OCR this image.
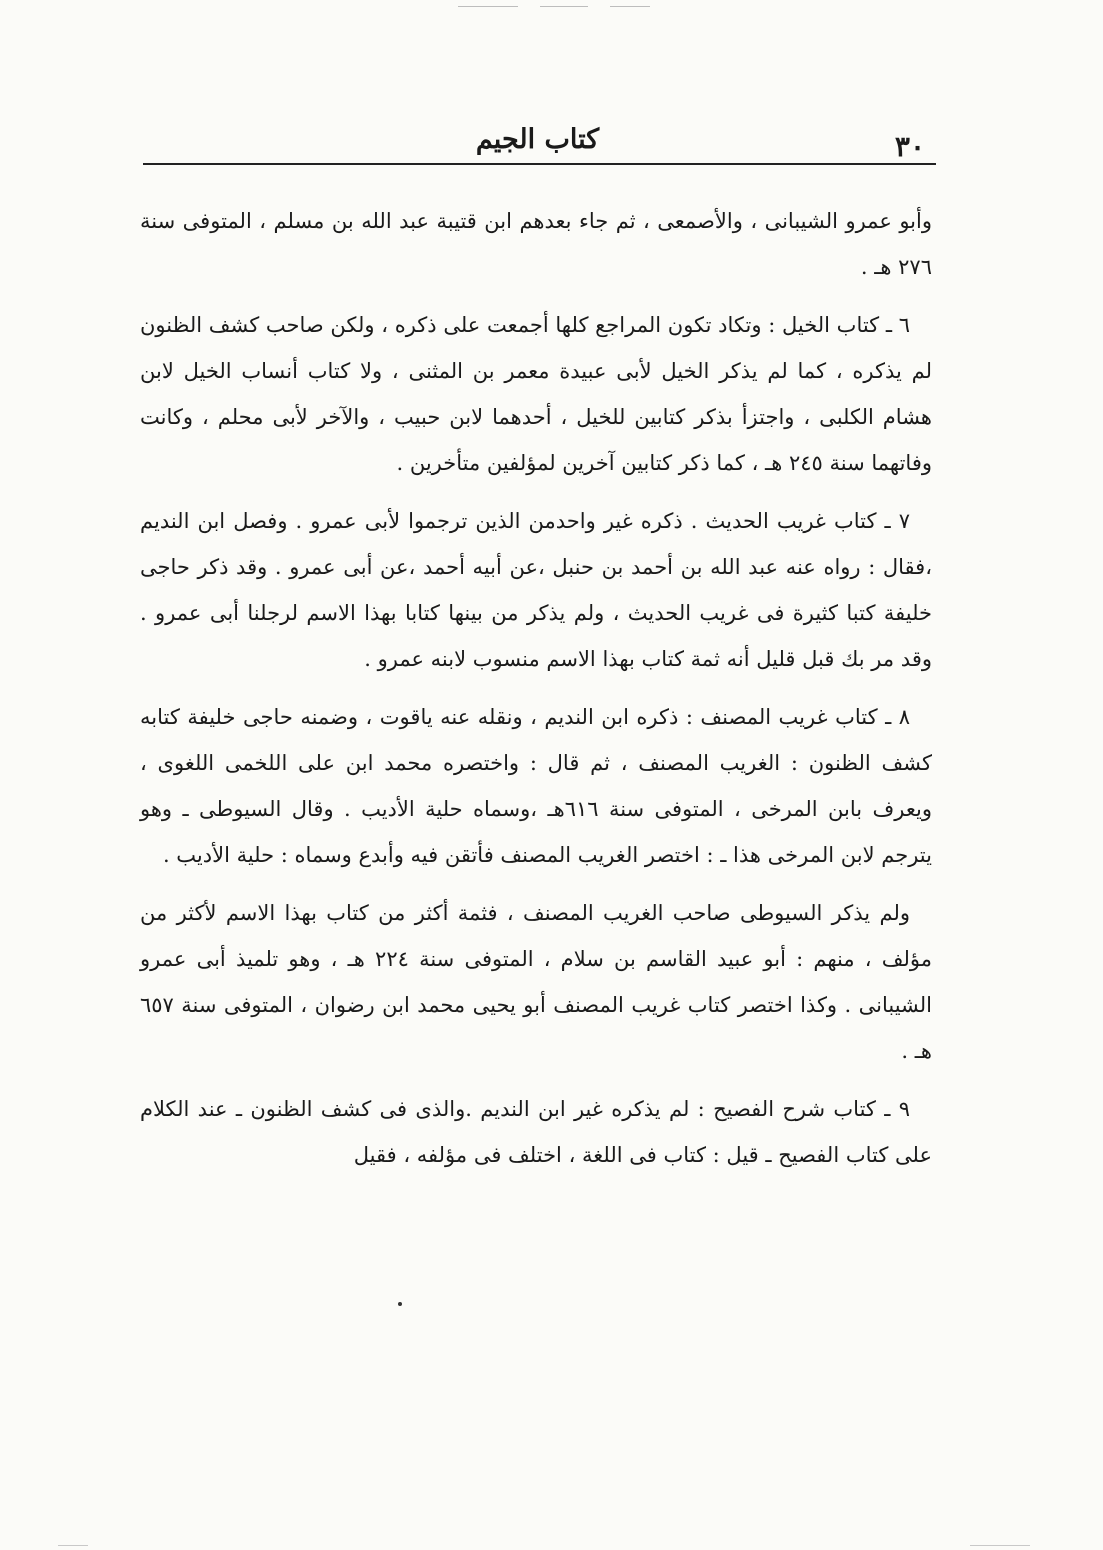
كتاب الجيم	٣٠

وأبو عمرو الشيبانى ، والأصمعى ، ثم جاء بعدهم ابن قتيبة عبد الله بن مسلم ، المتوفى سنة ٢٧٦ هـ .

٦ ـ كتاب الخيل : وتكاد تكون المراجع كلها أجمعت على ذكره ، ولكن صاحب كشف الظنون لم يذكره ، كما لم يذكر الخيل لأبى عبيدة معمر بن المثنى ، ولا كتاب أنساب الخيل لابن هشام الكلبى ، واجتزأ بذكر كتابين للخيل ، أحدهما لابن حبيب ، والآخر لأبى محلم ، وكانت وفاتهما سنة ٢٤٥ هـ ، كما ذكر كتابين آخرين لمؤلفين متأخرين .

٧ ـ كتاب غريب الحديث . ذكره غير واحدمن الذين ترجموا لأبى عمرو . وفصل ابن النديم ،فقال : رواه عنه عبد الله بن أحمد بن حنبل ،عن أبيه أحمد ،عن أبى عمرو . وقد ذكر حاجى خليفة كتبا كثيرة فى غريب الحديث ، ولم يذكر من بينها كتابا بهذا الاسم لرجلنا أبى عمرو . وقد مر بك قبل قليل أنه ثمة كتاب بهذا الاسم منسوب لابنه عمرو .

٨ ـ كتاب غريب المصنف : ذكره ابن النديم ، ونقله عنه ياقوت ، وضمنه حاجى خليفة كتابه كشف الظنون : الغريب المصنف ، ثم قال : واختصره محمد ابن على اللخمى اللغوى ، ويعرف بابن المرخى ، المتوفى سنة ٦١٦هـ ،وسماه حلية الأديب . وقال السيوطى ـ وهو يترجم لابن المرخى هذا ـ : اختصر الغريب المصنف فأتقن فيه وأبدع وسماه : حلية الأديب .

ولم يذكر السيوطى صاحب الغريب المصنف ، فثمة أكثر من كتاب بهذا الاسم لأكثر من مؤلف ، منهم : أبو عبيد القاسم بن سلام ، المتوفى سنة ٢٢٤ هـ ، وهو تلميذ أبى عمرو الشيبانى . وكذا اختصر كتاب غريب المصنف أبو يحيى محمد ابن رضوان ، المتوفى سنة ٦٥٧ هـ .

٩ ـ كتاب شرح الفصيح : لم يذكره غير ابن النديم .والذى فى كشف الظنون ـ عند الكلام على كتاب الفصيح ـ قيل : كتاب فى اللغة ، اختلف فى مؤلفه ، فقيل
